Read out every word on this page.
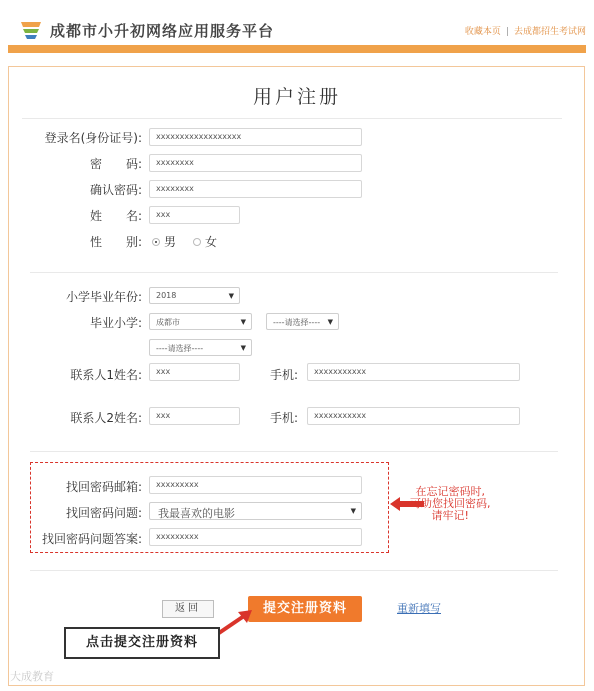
成都市小升初网络应用服务平台	收藏本页 | 去成都招生考试网
用户注册
登录名(身份证号):	xxxxxxxxxxxxxxxxxx
密　　码:	xxxxxxxx
确认密码:	xxxxxxxx
姓　　名:	xxx
性　　别: 男 女
小学毕业年份:	2018	▼
毕业小学:	成都市	▼	----请选择---- ▼
----请选择----	▼
联系人1姓名:	xxx	手机:	xxxxxxxxxxx
联系人2姓名:	xxx	手机:	xxxxxxxxxxx
找回密码邮箱:	xxxxxxxxx
找回密码问题:	我最喜欢的电影	▼
找回密码问题答案:	xxxxxxxxx
在忘记密码时,
可助您找回密码,
请牢记!
返回	提交注册资料	重新填写
点击提交注册资料
大成教育
